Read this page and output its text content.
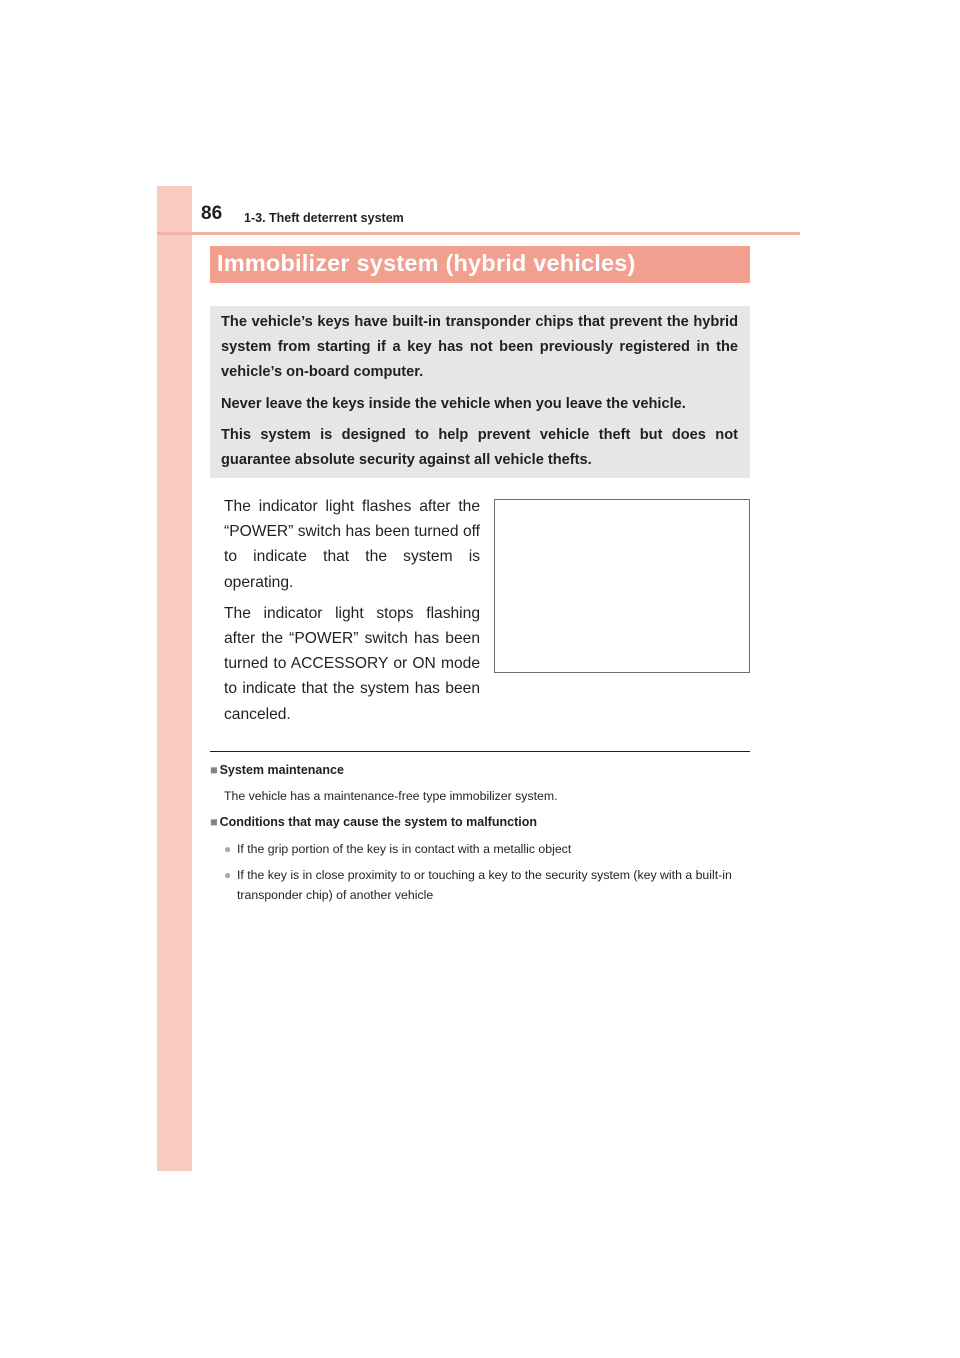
86 1-3. Theft deterrent system
Immobilizer system (hybrid vehicles)

The vehicle’s keys have built-in transponder chips that prevent the hybrid system from starting if a key has not been previously registered in the vehicle’s on-board computer.

Never leave the keys inside the vehicle when you leave the vehicle.

This system is designed to help prevent vehicle theft but does not guarantee absolute security against all vehicle thefts.

The indicator light flashes after the “POWER” switch has been turned off to indicate that the system is operating.

The indicator light stops flashing after the “POWER” switch has been turned to ACCESSORY or ON mode to indicate that the system has been canceled.

■ System maintenance
The vehicle has a maintenance-free type immobilizer system.
■ Conditions that may cause the system to malfunction
● If the grip portion of the key is in contact with a metallic object
● If the key is in close proximity to or touching a key to the security system (key with a built-in transponder chip) of another vehicle
